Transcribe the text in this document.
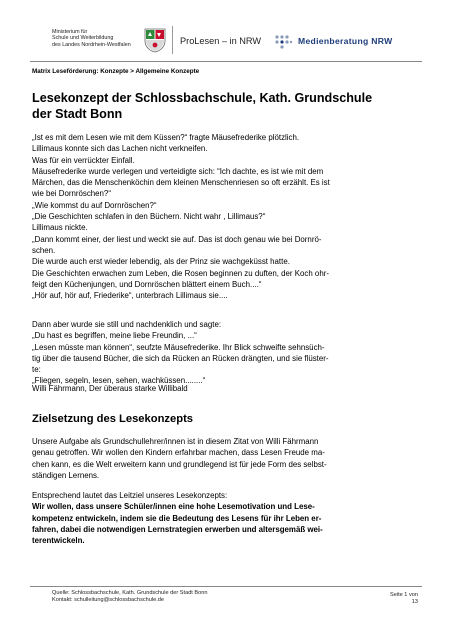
Ministerium für
Schule und Weiterbildung
des Landes Nordrhein-Westfalen	ProLesen – in NRW	Medienberatung NRW
Matrix Leseförderung: Konzepte > Allgemeine Konzepte
Lesekonzept der Schlossbachschule, Kath. Grundschule
der Stadt Bonn

„Ist es mit dem Lesen wie mit dem Küssen?“ fragte Mäusefrederike plötzlich.

Lillimaus konnte sich das Lachen nicht verkneifen.

Was für ein verrückter Einfall.

Mäusefrederike wurde verlegen und verteidigte sich: “Ich dachte, es ist wie mit dem

Märchen, das die Menschenköchin dem kleinen Menschenriesen so oft erzählt. Es ist

wie bei Dornröschen?“

„Wie kommst du auf Dornröschen?“

„Die Geschichten schlafen in den Büchern. Nicht wahr , Lillimaus?“

Lillimaus nickte.

„Dann kommt einer, der liest und weckt sie auf. Das ist doch genau wie bei Dornrö-

schen.

Die wurde auch erst wieder lebendig, als der Prinz sie wachgeküsst hatte.

Die Geschichten erwachen zum Leben, die Rosen beginnen zu duften, der Koch ohr-

feigt den Küchenjungen, und Dornröschen blättert einem Buch....“

„Hör auf, hör auf, Friederike“, unterbrach Lillimaus sie....

Dann aber wurde sie still und nachdenklich und sagte:

„Du hast es begriffen, meine liebe Freundin, ...“

„Lesen müsste man können“, seufzte Mäusefrederike. Ihr Blick schweifte sehnsüch-

tig über die tausend Bücher, die sich da Rücken an Rücken drängten, und sie flüster-

te:

„Fliegen, segeln, lesen, sehen, wachküssen........“

Willi Fährmann, Der überaus starke Willibald
Zielsetzung des Lesekonzepts

Unsere Aufgabe als Grundschullehrer/innen ist in diesem Zitat von Willi Fährmann

genau getroffen. Wir wollen den Kindern erfahrbar machen, dass Lesen Freude ma-

chen kann, es die Welt erweitern kann und grundlegend ist für jede Form des selbst-

ständigen Lernens.

Entsprechend lautet das Leitziel unseres Lesekonzepts:

Wir wollen, dass unsere Schüler/innen eine hohe Lesemotivation und Lese-

kompetenz entwickeln, indem sie die Bedeutung des Lesens für ihr Leben er-

fahren, dabei die notwendigen Lernstrategien erwerben und altersgemäß wei-

terentwickeln.

Quelle: Schlossbachschule, Kath. Grundschule der Stadt Bonn
Kontakt: schulleitung@schlossbachschule.de
Seite 1 von
13
